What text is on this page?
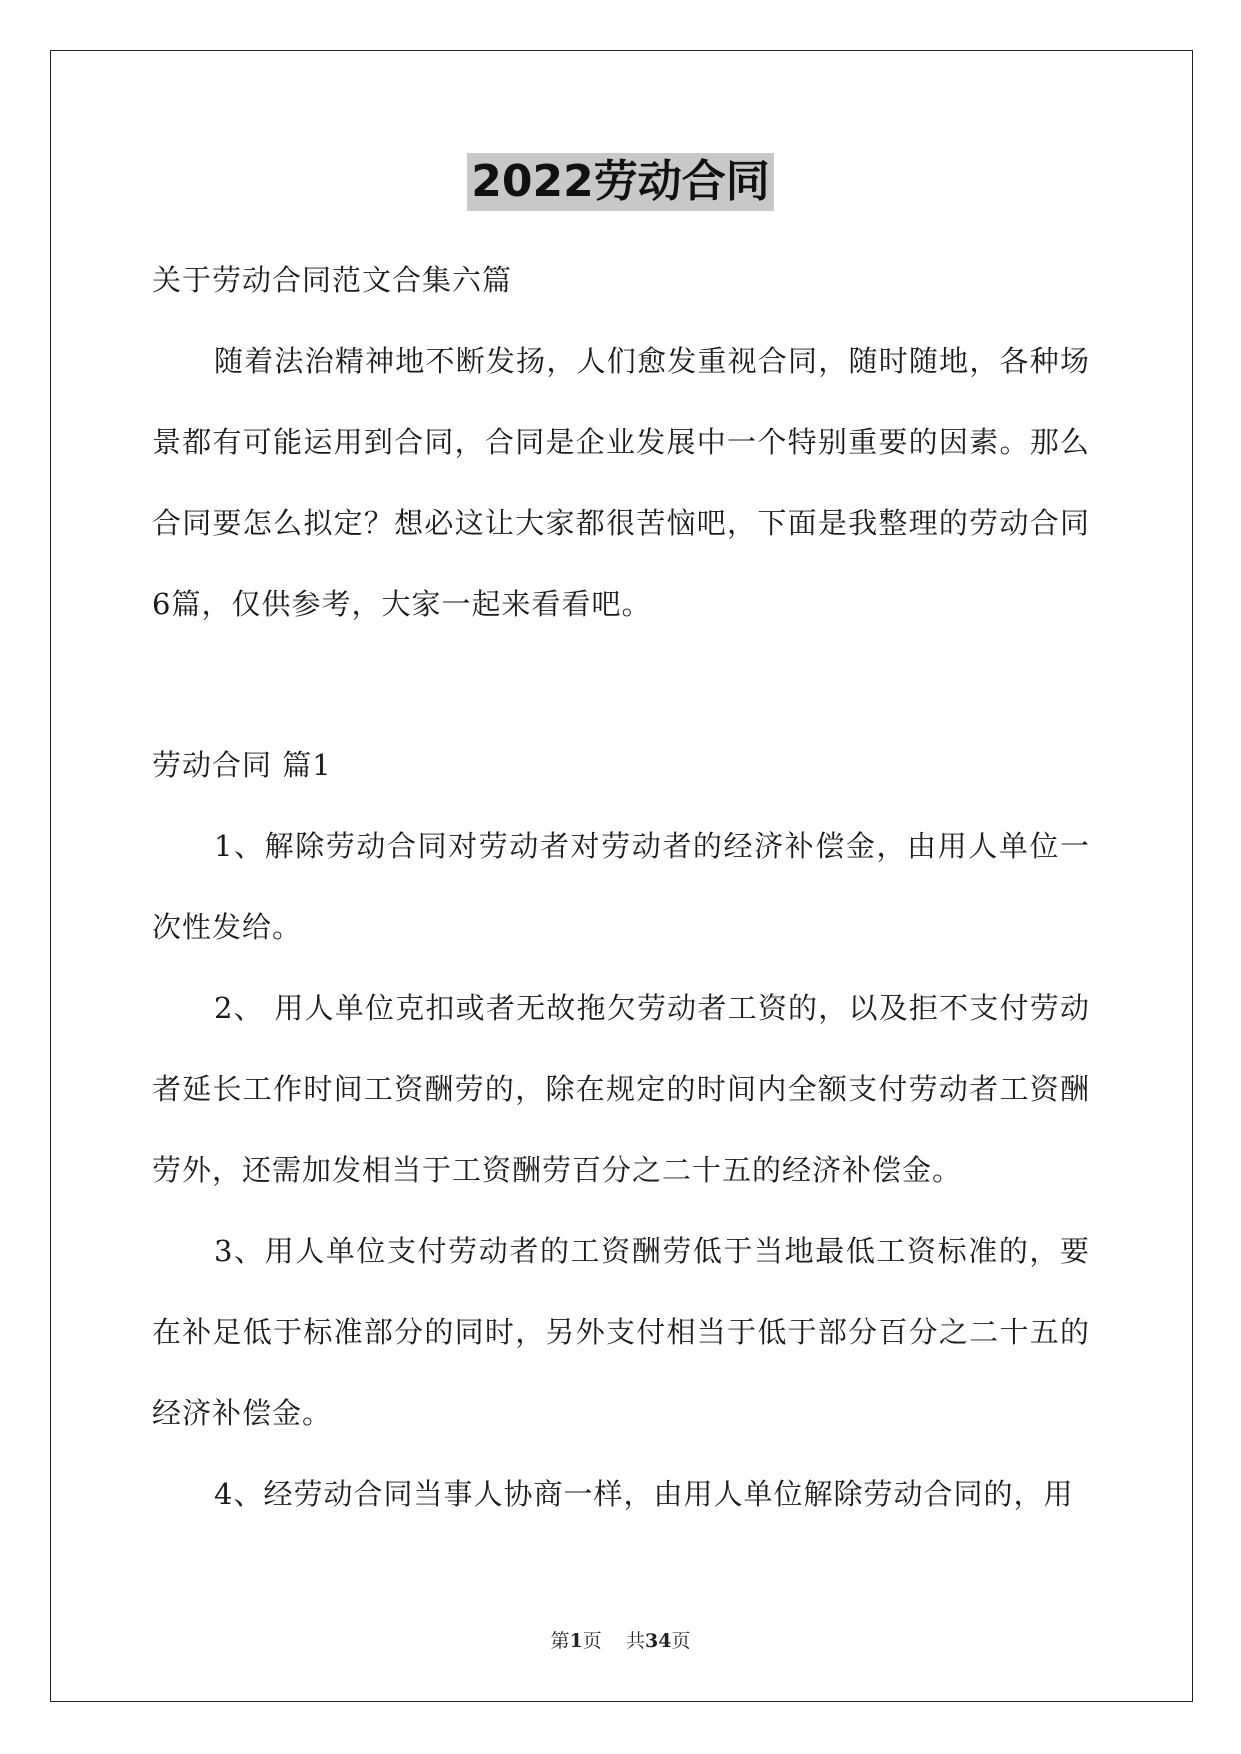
2022劳动合同

关于劳动合同范文合集六篇

随着法治精神地不断发扬，人们愈发重视合同，随时随地，各种场景都有可能运用到合同，合同是企业发展中一个特别重要的因素。那么合同要怎么拟定？想必这让大家都很苦恼吧，下面是我整理的劳动合同6篇，仅供参考，大家一起来看看吧。

劳动合同 篇1

1、解除劳动合同对劳动者对劳动者的经济补偿金，由用人单位一次性发给。

2、 用人单位克扣或者无故拖欠劳动者工资的，以及拒不支付劳动者延长工作时间工资酬劳的，除在规定的时间内全额支付劳动者工资酬劳外，还需加发相当于工资酬劳百分之二十五的经济补偿金。

3、用人单位支付劳动者的工资酬劳低于当地最低工资标准的，要在补足低于标准部分的同时，另外支付相当于低于部分百分之二十五的经济补偿金。

4、经劳动合同当事人协商一样，由用人单位解除劳动合同的，用

第1页 共34页
